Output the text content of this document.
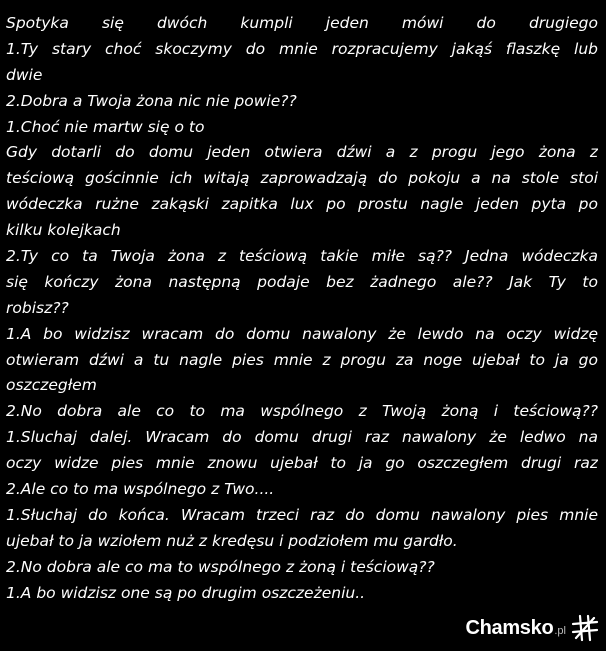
Spotyka się dwóch kumpli jeden mówi do drugiego
1.Ty stary choć skoczymy do mnie rozpracujemy jakąś flaszkę lub
dwie
2.Dobra a Twoja żona nic nie powie??
1.Choć nie martw się o to
Gdy dotarli do domu jeden otwiera dźwi a z progu jego żona z
teściową gościnnie ich witają zaprowadzają do pokoju a na stole stoi
wódeczka rużne zakąski zapitka lux po prostu nagle jeden pyta po
kilku kolejkach
2.Ty co ta Twoja żona z teściową takie miłe są?? Jedna wódeczka
się kończy żona następną podaje bez żadnego ale?? Jak Ty to
robisz??
1.A bo widzisz wracam do domu nawalony że lewdo na oczy widzę
otwieram dźwi a tu nagle pies mnie z progu za noge ujebał to ja go
oszczegłem
2.No dobra ale co to ma wspólnego z Twoją żoną i teściową??
1.Sluchaj dalej. Wracam do domu drugi raz nawalony że ledwo na
oczy widze pies mnie znowu ujebał to ja go oszczegłem drugi raz
2.Ale co to ma wspólnego z Two....
1.Słuchaj do końca. Wracam trzeci raz do domu nawalony pies mnie
ujebał to ja wziołem nuż z kredęsu i podziołem mu gardło.
2.No dobra ale co ma to wspólnego z żoną i teściową??
1.A bo widzisz one są po drugim oszczeżeniu..
Chamsko .pl
